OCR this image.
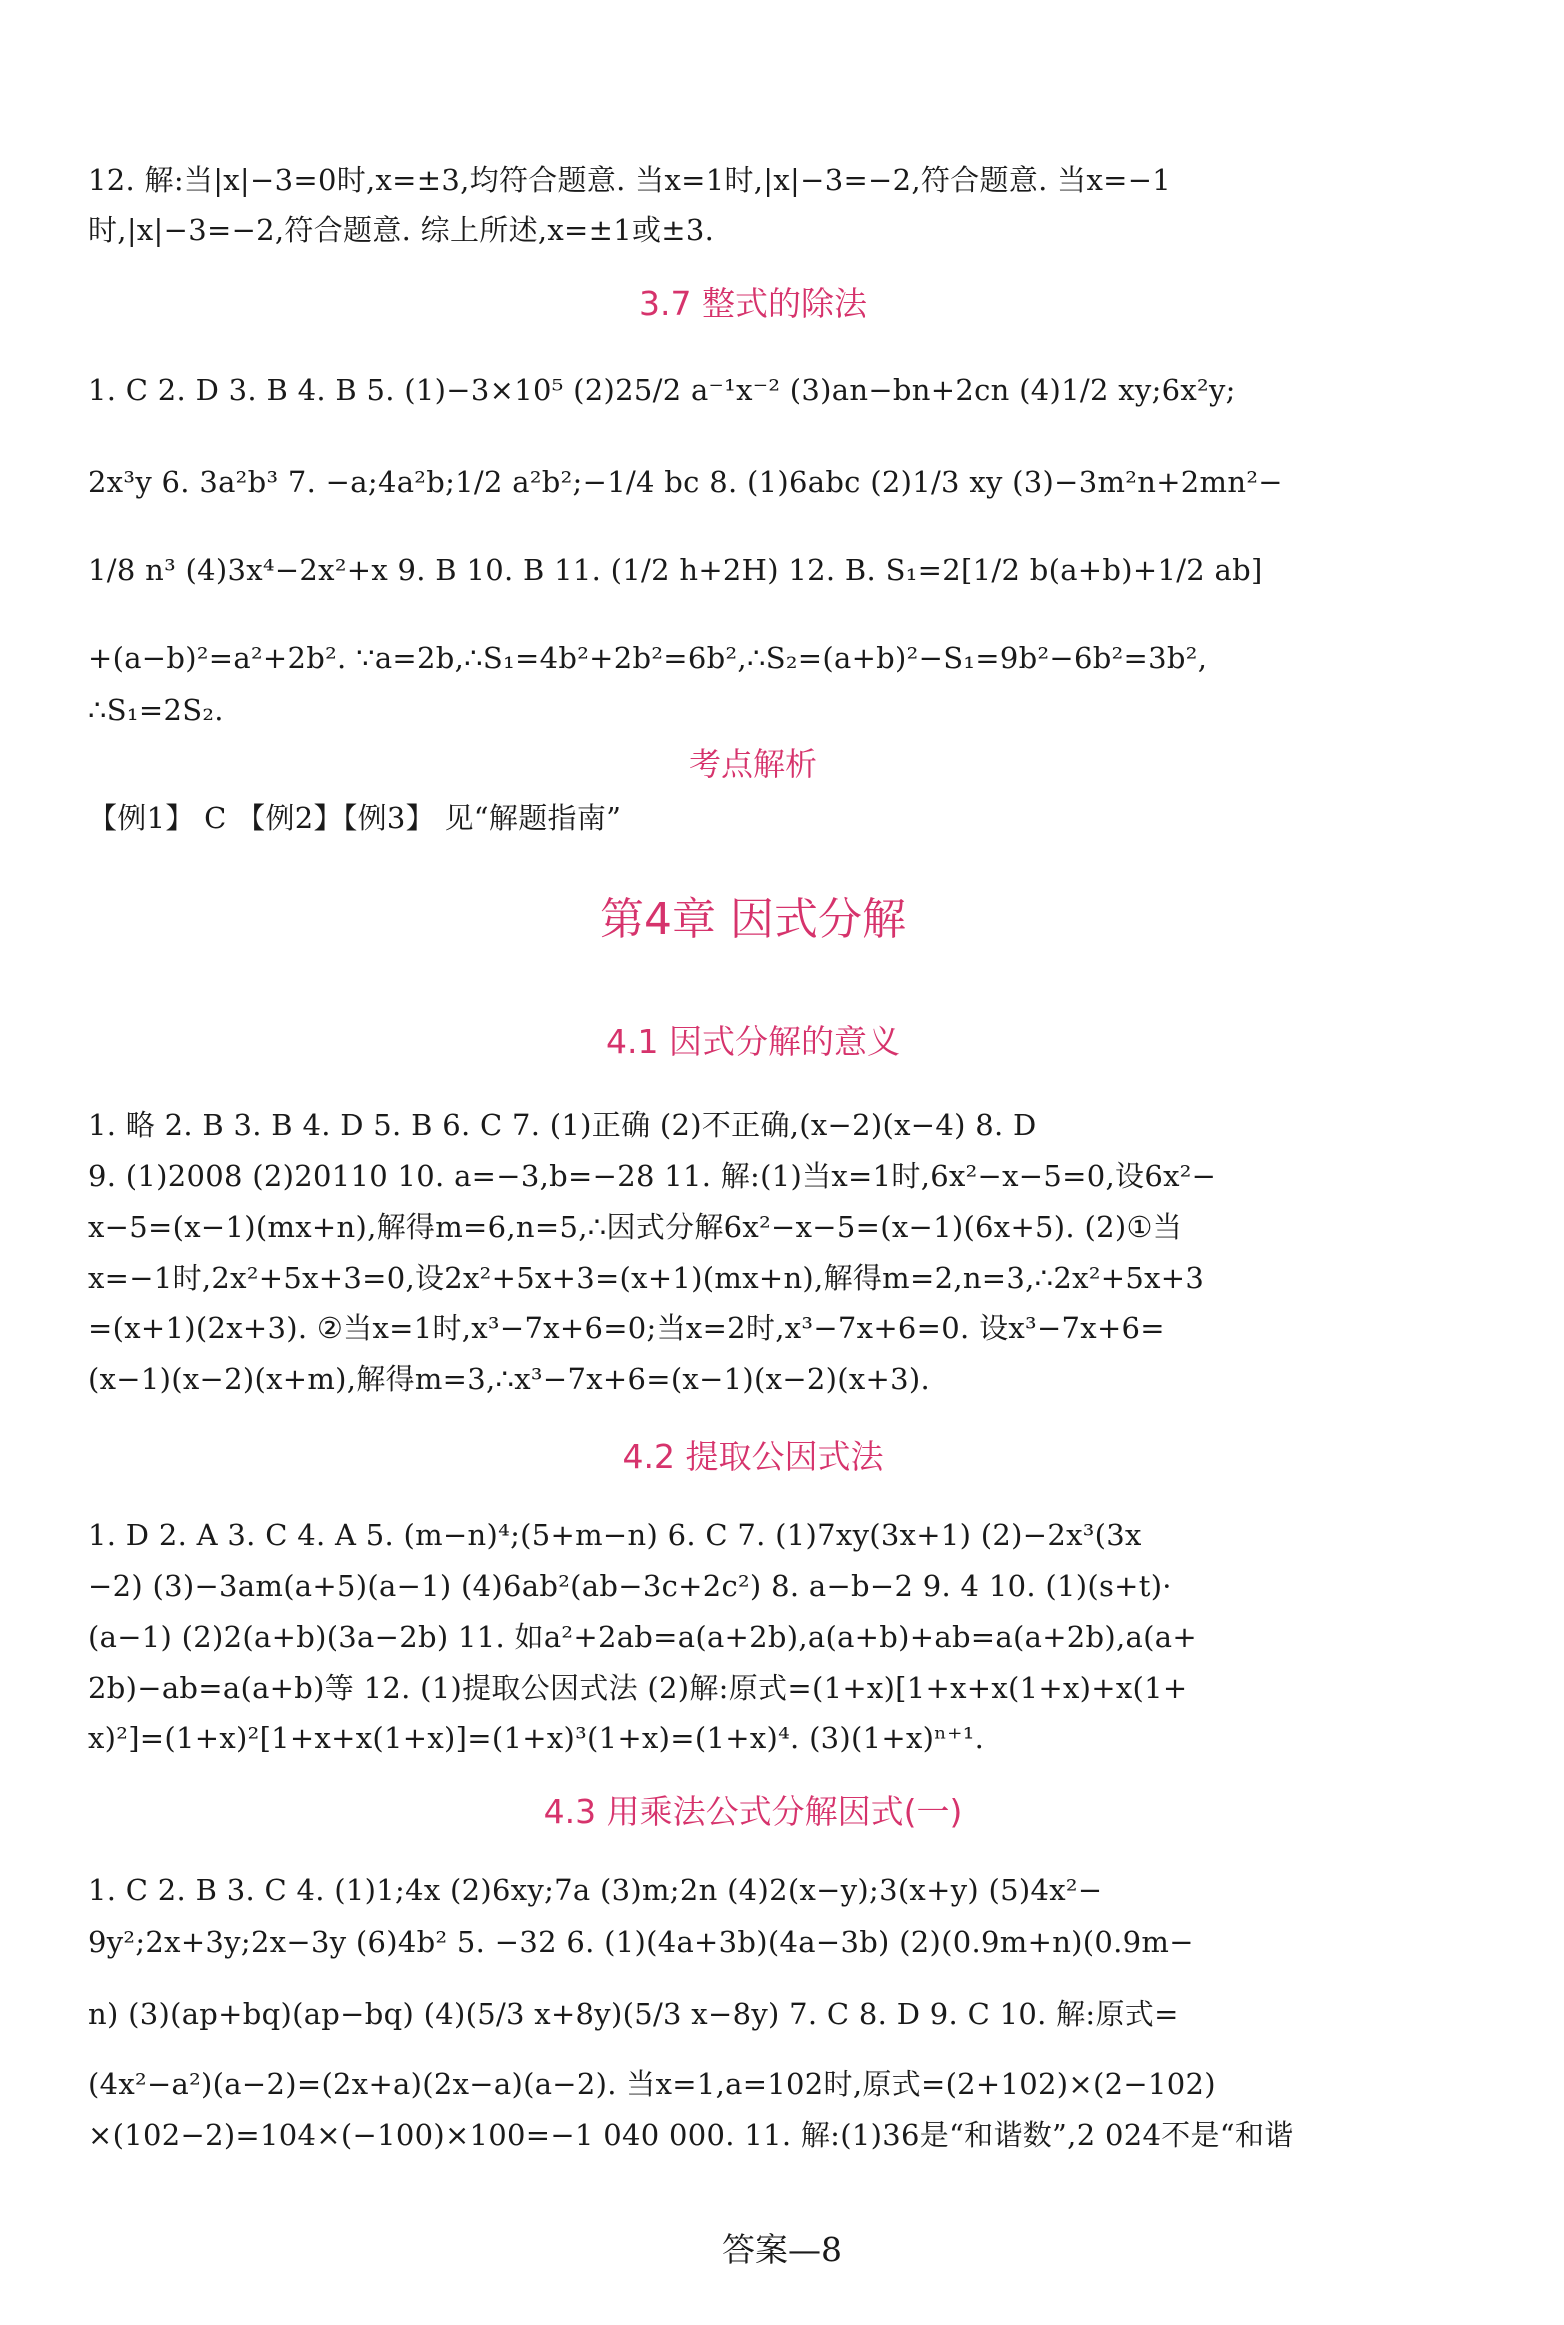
12. 解:当|x|−3=0时,x=±3,均符合题意. 当x=1时,|x|−3=−2,符合题意. 当x=−1
时,|x|−3=−2,符合题意. 综上所述,x=±1或±3.
3.7 整式的除法
1. C 2. D 3. B 4. B 5. (1)−3×10⁵ (2)25/2 a⁻¹x⁻² (3)an−bn+2cn (4)1/2 xy;6x²y;
2x³y 6. 3a²b³ 7. −a;4a²b;1/2 a²b²;−1/4 bc 8. (1)6abc (2)1/3 xy (3)−3m²n+2mn²−
1/8 n³ (4)3x⁴−2x²+x 9. B 10. B 11. (1/2 h+2H) 12. B. S₁=2[1/2 b(a+b)+1/2 ab]
+(a−b)²=a²+2b². ∵a=2b,∴S₁=4b²+2b²=6b²,∴S₂=(a+b)²−S₁=9b²−6b²=3b²,
∴S₁=2S₂.
考点解析
【例1】 C 【例2】【例3】 见“解题指南”
第4章 因式分解
4.1 因式分解的意义
1. 略 2. B 3. B 4. D 5. B 6. C 7. (1)正确 (2)不正确,(x−2)(x−4) 8. D
9. (1)2008 (2)20110 10. a=−3,b=−28 11. 解:(1)当x=1时,6x²−x−5=0,设6x²−
x−5=(x−1)(mx+n),解得m=6,n=5,∴因式分解6x²−x−5=(x−1)(6x+5). (2)①当
x=−1时,2x²+5x+3=0,设2x²+5x+3=(x+1)(mx+n),解得m=2,n=3,∴2x²+5x+3
=(x+1)(2x+3). ②当x=1时,x³−7x+6=0;当x=2时,x³−7x+6=0. 设x³−7x+6=
(x−1)(x−2)(x+m),解得m=3,∴x³−7x+6=(x−1)(x−2)(x+3).
4.2 提取公因式法
1. D 2. A 3. C 4. A 5. (m−n)⁴;(5+m−n) 6. C 7. (1)7xy(3x+1) (2)−2x³(3x
−2) (3)−3am(a+5)(a−1) (4)6ab²(ab−3c+2c²) 8. a−b−2 9. 4 10. (1)(s+t)·
(a−1) (2)2(a+b)(3a−2b) 11. 如a²+2ab=a(a+2b),a(a+b)+ab=a(a+2b),a(a+
2b)−ab=a(a+b)等 12. (1)提取公因式法 (2)解:原式=(1+x)[1+x+x(1+x)+x(1+
x)²]=(1+x)²[1+x+x(1+x)]=(1+x)³(1+x)=(1+x)⁴. (3)(1+x)ⁿ⁺¹.
4.3 用乘法公式分解因式(一)
1. C 2. B 3. C 4. (1)1;4x (2)6xy;7a (3)m;2n (4)2(x−y);3(x+y) (5)4x²−
9y²;2x+3y;2x−3y (6)4b² 5. −32 6. (1)(4a+3b)(4a−3b) (2)(0.9m+n)(0.9m−
n) (3)(ap+bq)(ap−bq) (4)(5/3 x+8y)(5/3 x−8y) 7. C 8. D 9. C 10. 解:原式=
(4x²−a²)(a−2)=(2x+a)(2x−a)(a−2). 当x=1,a=102时,原式=(2+102)×(2−102)
×(102−2)=104×(−100)×100=−1 040 000. 11. 解:(1)36是“和谐数”,2 024不是“和谐
答案—8
